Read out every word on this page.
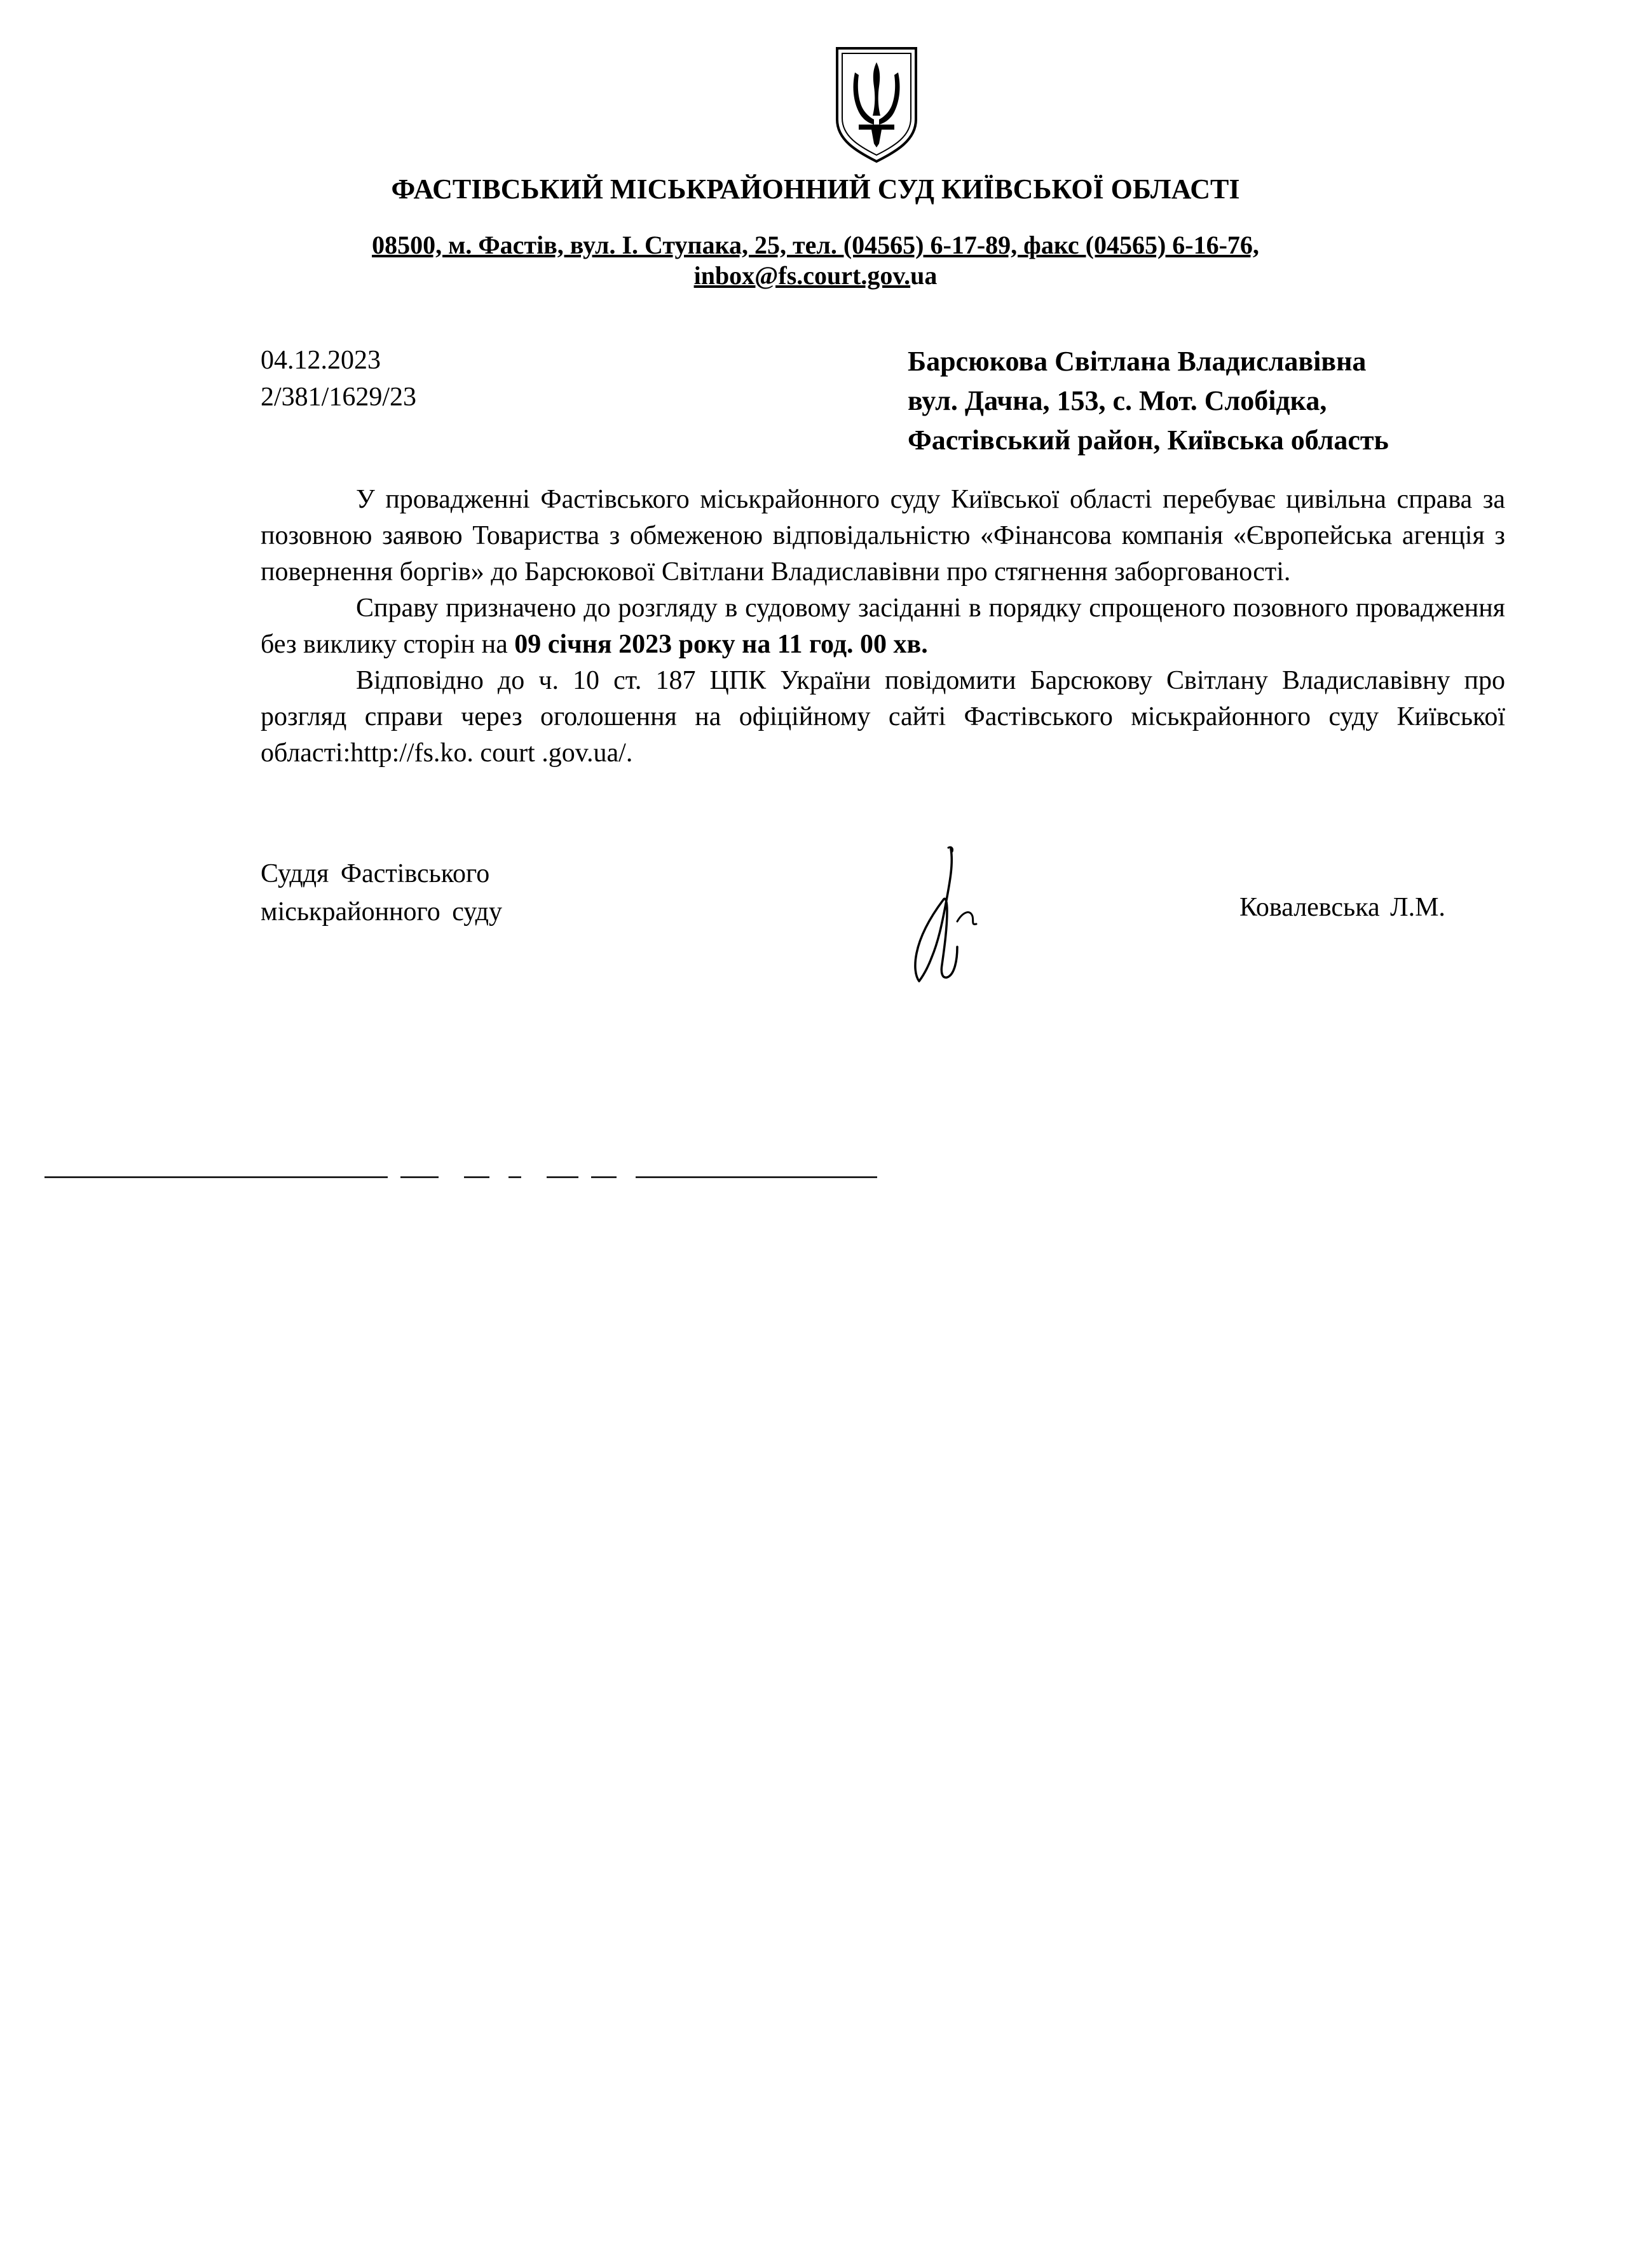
ФАСТІВСЬКИЙ МІСЬКРАЙОННИЙ СУД КИЇВСЬКОЇ ОБЛАСТІ
08500, м. Фастів, вул. І. Ступака, 25, тел. (04565) 6-17-89, факс (04565) 6-16-76,
inbox@fs.court.gov.ua
04.12.2023
2/381/1629/23
Барсюкова Світлана Владиславівна
вул. Дачна, 153, с. Мот. Слобідка,
Фастівський район, Київська область

У провадженні Фастівського міськрайонного суду Київської області перебуває цивільна справа за позовною заявою Товариства з обмеженою відповідальністю «Фінансова компанія «Європейська агенція з повернення боргів» до Барсюкової Світлани Владиславівни про стягнення заборгованості.

Справу призначено до розгляду в судовому засіданні в порядку спрощеного позовного провадження без виклику сторін на 09 січня 2023 року на 11 год. 00 хв.

Відповідно до ч. 10 ст. 187 ЦПК України повідомити Барсюкову Світлану Владиславівну про розгляд справи через оголошення на офіційному сайті Фастівського міськрайонного суду Київської області:http://fs.ko. court .gov.ua/.

Суддя Фастівського
міськрайонного суду	Ковалевська Л.М.
